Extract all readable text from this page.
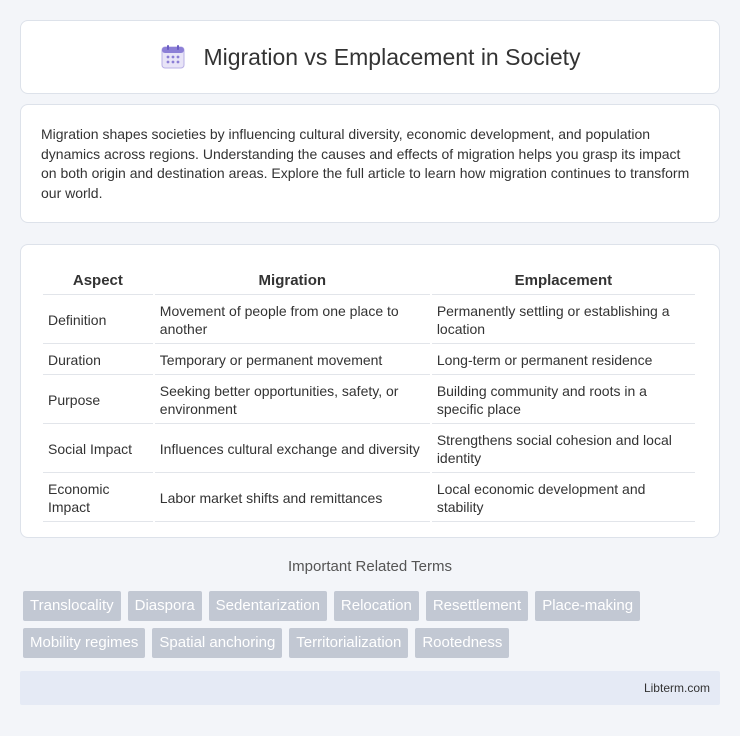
Migration vs Emplacement in Society

Migration shapes societies by influencing cultural diversity, economic development, and population dynamics across regions. Understanding the causes and effects of migration helps you grasp its impact on both origin and destination areas. Explore the full article to learn how migration continues to transform our world.

Aspect	Migration	Emplacement
Definition	Movement of people from one place to another	Permanently settling or establishing a location
Duration	Temporary or permanent movement	Long-term or permanent residence
Purpose	Seeking better opportunities, safety, or environment	Building community and roots in a specific place
Social Impact	Influences cultural exchange and diversity	Strengthens social cohesion and local identity
Economic Impact	Labor market shifts and remittances	Local economic development and stability
Important Related Terms
Translocality	Diaspora	Sedentarization	Relocation	Resettlement	Place-making
Mobility regimes	Spatial anchoring	Territorialization	Rootedness
Libterm.com
